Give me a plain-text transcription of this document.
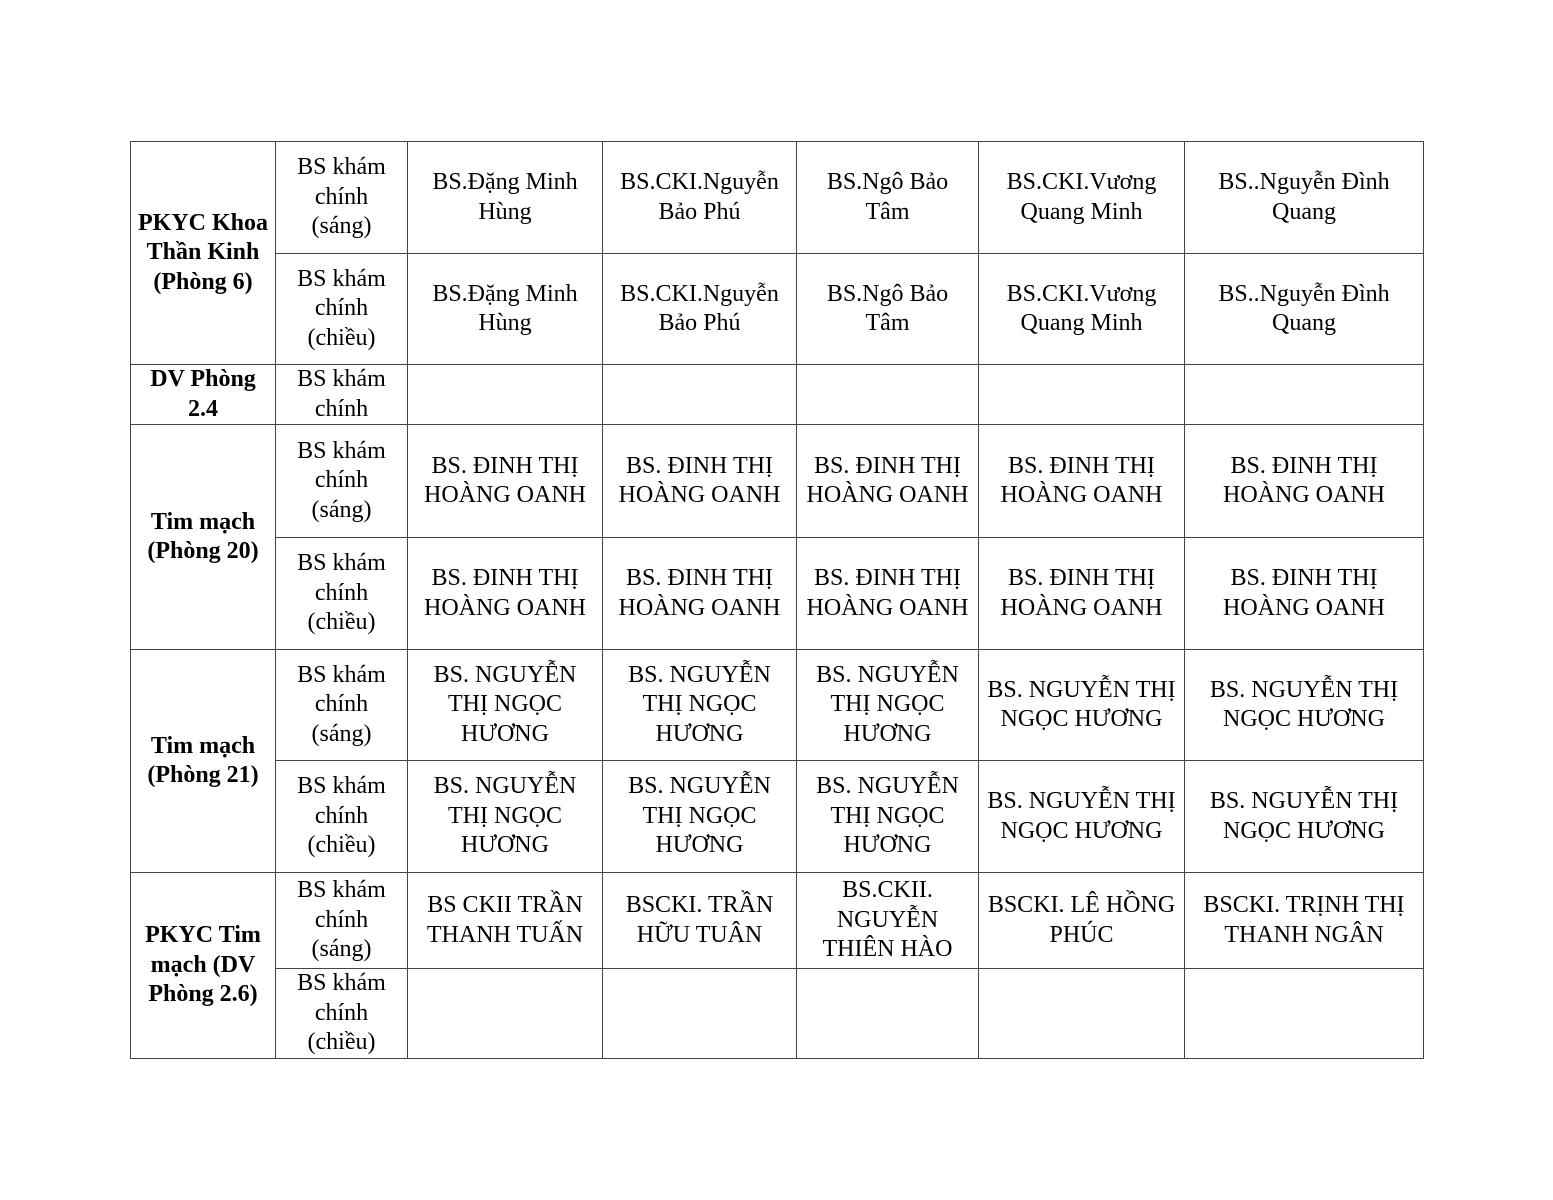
PKYC Khoa Thần Kinh (Phòng 6)	BS khám chính (sáng)	BS.Đặng Minh Hùng	BS.CKI.Nguyễn Bảo Phú	BS.Ngô Bảo Tâm	BS.CKI.Vương Quang Minh	BS..Nguyễn Đình Quang
	BS khám chính (chiều)	BS.Đặng Minh Hùng	BS.CKI.Nguyễn Bảo Phú	BS.Ngô Bảo Tâm	BS.CKI.Vương Quang Minh	BS..Nguyễn Đình Quang
DV Phòng 2.4	BS khám chính					
Tim mạch (Phòng 20)	BS khám chính (sáng)	BS. ĐINH THỊ HOÀNG OANH	BS. ĐINH THỊ HOÀNG OANH	BS. ĐINH THỊ HOÀNG OANH	BS. ĐINH THỊ HOÀNG OANH	BS. ĐINH THỊ HOÀNG OANH
	BS khám chính (chiều)	BS. ĐINH THỊ HOÀNG OANH	BS. ĐINH THỊ HOÀNG OANH	BS. ĐINH THỊ HOÀNG OANH	BS. ĐINH THỊ HOÀNG OANH	BS. ĐINH THỊ HOÀNG OANH
Tim mạch (Phòng 21)	BS khám chính (sáng)	BS. NGUYỄN THỊ NGỌC HƯƠNG	BS. NGUYỄN THỊ NGỌC HƯƠNG	BS. NGUYỄN THỊ NGỌC HƯƠNG	BS. NGUYỄN THỊ NGỌC HƯƠNG	BS. NGUYỄN THỊ NGỌC HƯƠNG
	BS khám chính (chiều)	BS. NGUYỄN THỊ NGỌC HƯƠNG	BS. NGUYỄN THỊ NGỌC HƯƠNG	BS. NGUYỄN THỊ NGỌC HƯƠNG	BS. NGUYỄN THỊ NGỌC HƯƠNG	BS. NGUYỄN THỊ NGỌC HƯƠNG
PKYC Tim mạch (DV Phòng 2.6)	BS khám chính (sáng)	BS CKII TRẦN THANH TUẤN	BSCKI. TRẦN HỮU TUÂN	BS.CKII. NGUYỄN THIÊN HÀO	BSCKI. LÊ HỒNG PHÚC	BSCKI. TRỊNH THỊ THANH NGÂN
	BS khám chính (chiều)					
